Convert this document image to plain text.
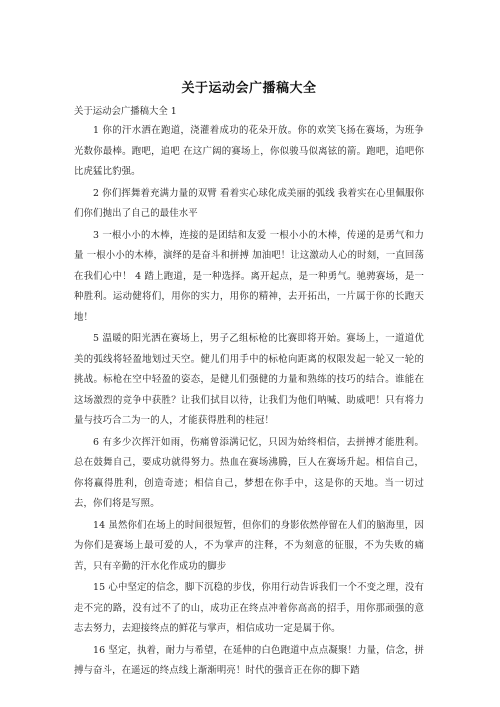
关于运动会广播稿大全
关于运动会广播稿大全 1

1 你的汗水洒在跑道，浇灌着成功的花朵开放。你的欢笑飞扬在赛场，为班争光数你最棒。跑吧，追吧 在这广阔的赛场上，你似骏马似离铉的箭。跑吧，追吧你比虎猛比豹强。

2 你们挥舞着充满力量的双臂 看着实心球化成美丽的弧线 我着实在心里佩服你们你们抛出了自己的最佳水平

3 一根小小的木棒，连接的是团结和友爱 一根小小的木棒，传递的是勇气和力量 一根小小的木棒，演绎的是奋斗和拼搏 加油吧！让这激动人心的时刻，一直回荡在我们心中！ 4 踏上跑道，是一种选择。离开起点，是一种勇气。驰骋赛场，是一种胜利。运动健将们，用你的实力，用你的精神，去开拓出，一片属于你的长跑天地！

5 温暖的阳光洒在赛场上，男子乙组标枪的比赛即将开始。赛场上，一道道优美的弧线将轻盈地划过天空。健儿们用手中的标枪向距离的权限发起一轮又一轮的挑战。标枪在空中轻盈的姿态，是健儿们强健的力量和熟练的技巧的结合。谁能在这场激烈的竞争中获胜？让我们拭目以待，让我们为他们呐喊、助威吧！只有将力量与技巧合二为一的人，才能获得胜利的桂冠！

6 有多少次挥汗如雨，伤痛曾添满记忆，只因为始终相信，去拼搏才能胜利。总在鼓舞自己，要成功就得努力。热血在赛场沸腾，巨人在赛场升起。相信自己，你将赢得胜利，创造奇迹；相信自己，梦想在你手中，这是你的天地。当一切过去，你们将是写照。

14 虽然你们在场上的时间很短暂，但你们的身影依然停留在人们的脑海里，因为你们是赛场上最可爱的人，不为掌声的注释，不为刻意的征服，不为失败的痛苦，只有辛勤的汗水化作成功的脚步

15 心中坚定的信念，脚下沉稳的步伐，你用行动告诉我们一个不变之理，没有走不完的路，没有过不了的山，成功正在终点冲着你高高的招手，用你那顽强的意志去努力，去迎接终点的鲜花与掌声，相信成功一定是属于你。

16 坚定，执着，耐力与希望，在延伸的白色跑道中点点凝聚！力量，信念，拼搏与奋斗，在遥远的终点线上渐渐明亮！时代的强音正在你的脚下踏
